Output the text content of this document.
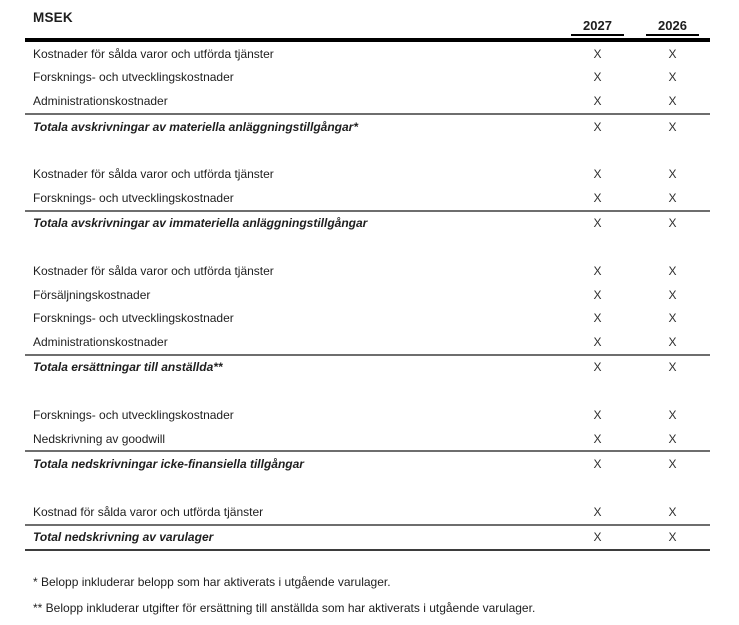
MSEK
2027	2026
Kostnader för sålda varor och utförda tjänster	X	X
Forsknings- och utvecklingskostnader	X	X
Administrationskostnader	X	X
Totala avskrivningar av materiella anläggningstillgångar*	X	X
Kostnader för sålda varor och utförda tjänster	X	X
Forsknings- och utvecklingskostnader	X	X
Totala avskrivningar av immateriella anläggningstillgångar	X	X
Kostnader för sålda varor och utförda tjänster	X	X
Försäljningskostnader	X	X
Forsknings- och utvecklingskostnader	X	X
Administrationskostnader	X	X
Totala ersättningar till anställda**	X	X
Forsknings- och utvecklingskostnader	X	X
Nedskrivning av goodwill	X	X
Totala nedskrivningar icke-finansiella tillgångar	X	X
Kostnad för sålda varor och utförda tjänster	X	X
Total nedskrivning av varulager	X	X

* Belopp inkluderar belopp som har aktiverats i utgående varulager.

** Belopp inkluderar utgifter för ersättning till anställda som har aktiverats i utgående varulager.
